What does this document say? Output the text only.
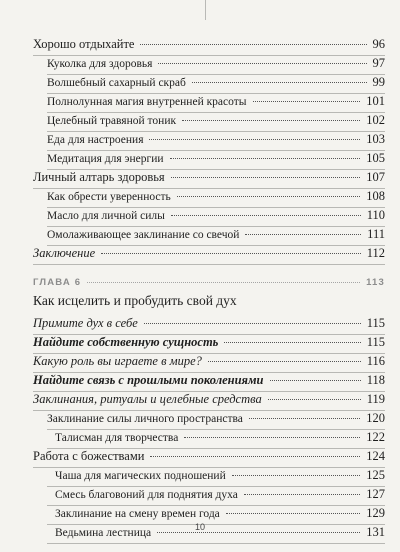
Хорошо отдыхайте	96
Куколка для здоровья	97
Волшебный сахарный скраб	99
Полнолунная магия внутренней красоты	101
Целебный травяной тоник	102
Еда для настроения	103
Медитация для энергии	105
Личный алтарь здоровья	107
Как обрести уверенность	108
Масло для личной силы	110
Омолаживающее заклинание со свечой	111
Заключение	112
ГЛАВА 6	113
Как исцелить и пробудить свой дух
Примите дух в себе	115
Найдите собственную сущность	115
Какую роль вы играете в мире?	116
Найдите связь с прошлыми поколениями	118
Заклинания, ритуалы и целебные средства	119
Заклинание силы личного пространства	120
Талисман для творчества	122
Работа с божествами	124
Чаша для магических подношений	125
Смесь благовоний для поднятия духа	127
Заклинание на смену времен года	129
Ведьмина лестница	131
10
